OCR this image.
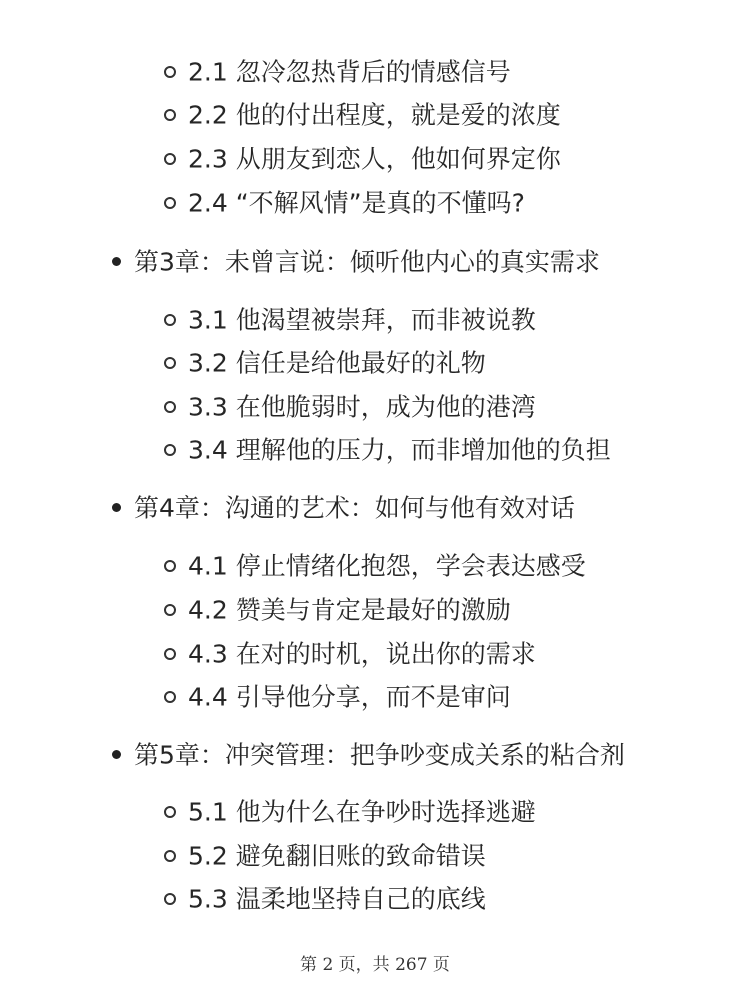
2.1 忽冷忽热背后的情感信号
2.2 他的付出程度，就是爱的浓度
2.3 从朋友到恋人，他如何界定你
2.4 “不解风情”是真的不懂吗?
第3章：未曾言说：倾听他内心的真实需求
3.1 他渴望被崇拜，而非被说教
3.2 信任是给他最好的礼物
3.3 在他脆弱时，成为他的港湾
3.4 理解他的压力，而非增加他的负担
第4章：沟通的艺术：如何与他有效对话
4.1 停止情绪化抱怨，学会表达感受
4.2 赞美与肯定是最好的激励
4.3 在对的时机，说出你的需求
4.4 引导他分享，而不是审问
第5章：冲突管理：把争吵变成关系的粘合剂
5.1 他为什么在争吵时选择逃避
5.2 避免翻旧账的致命错误
5.3 温柔地坚持自己的底线
第 2 页，共 267 页
